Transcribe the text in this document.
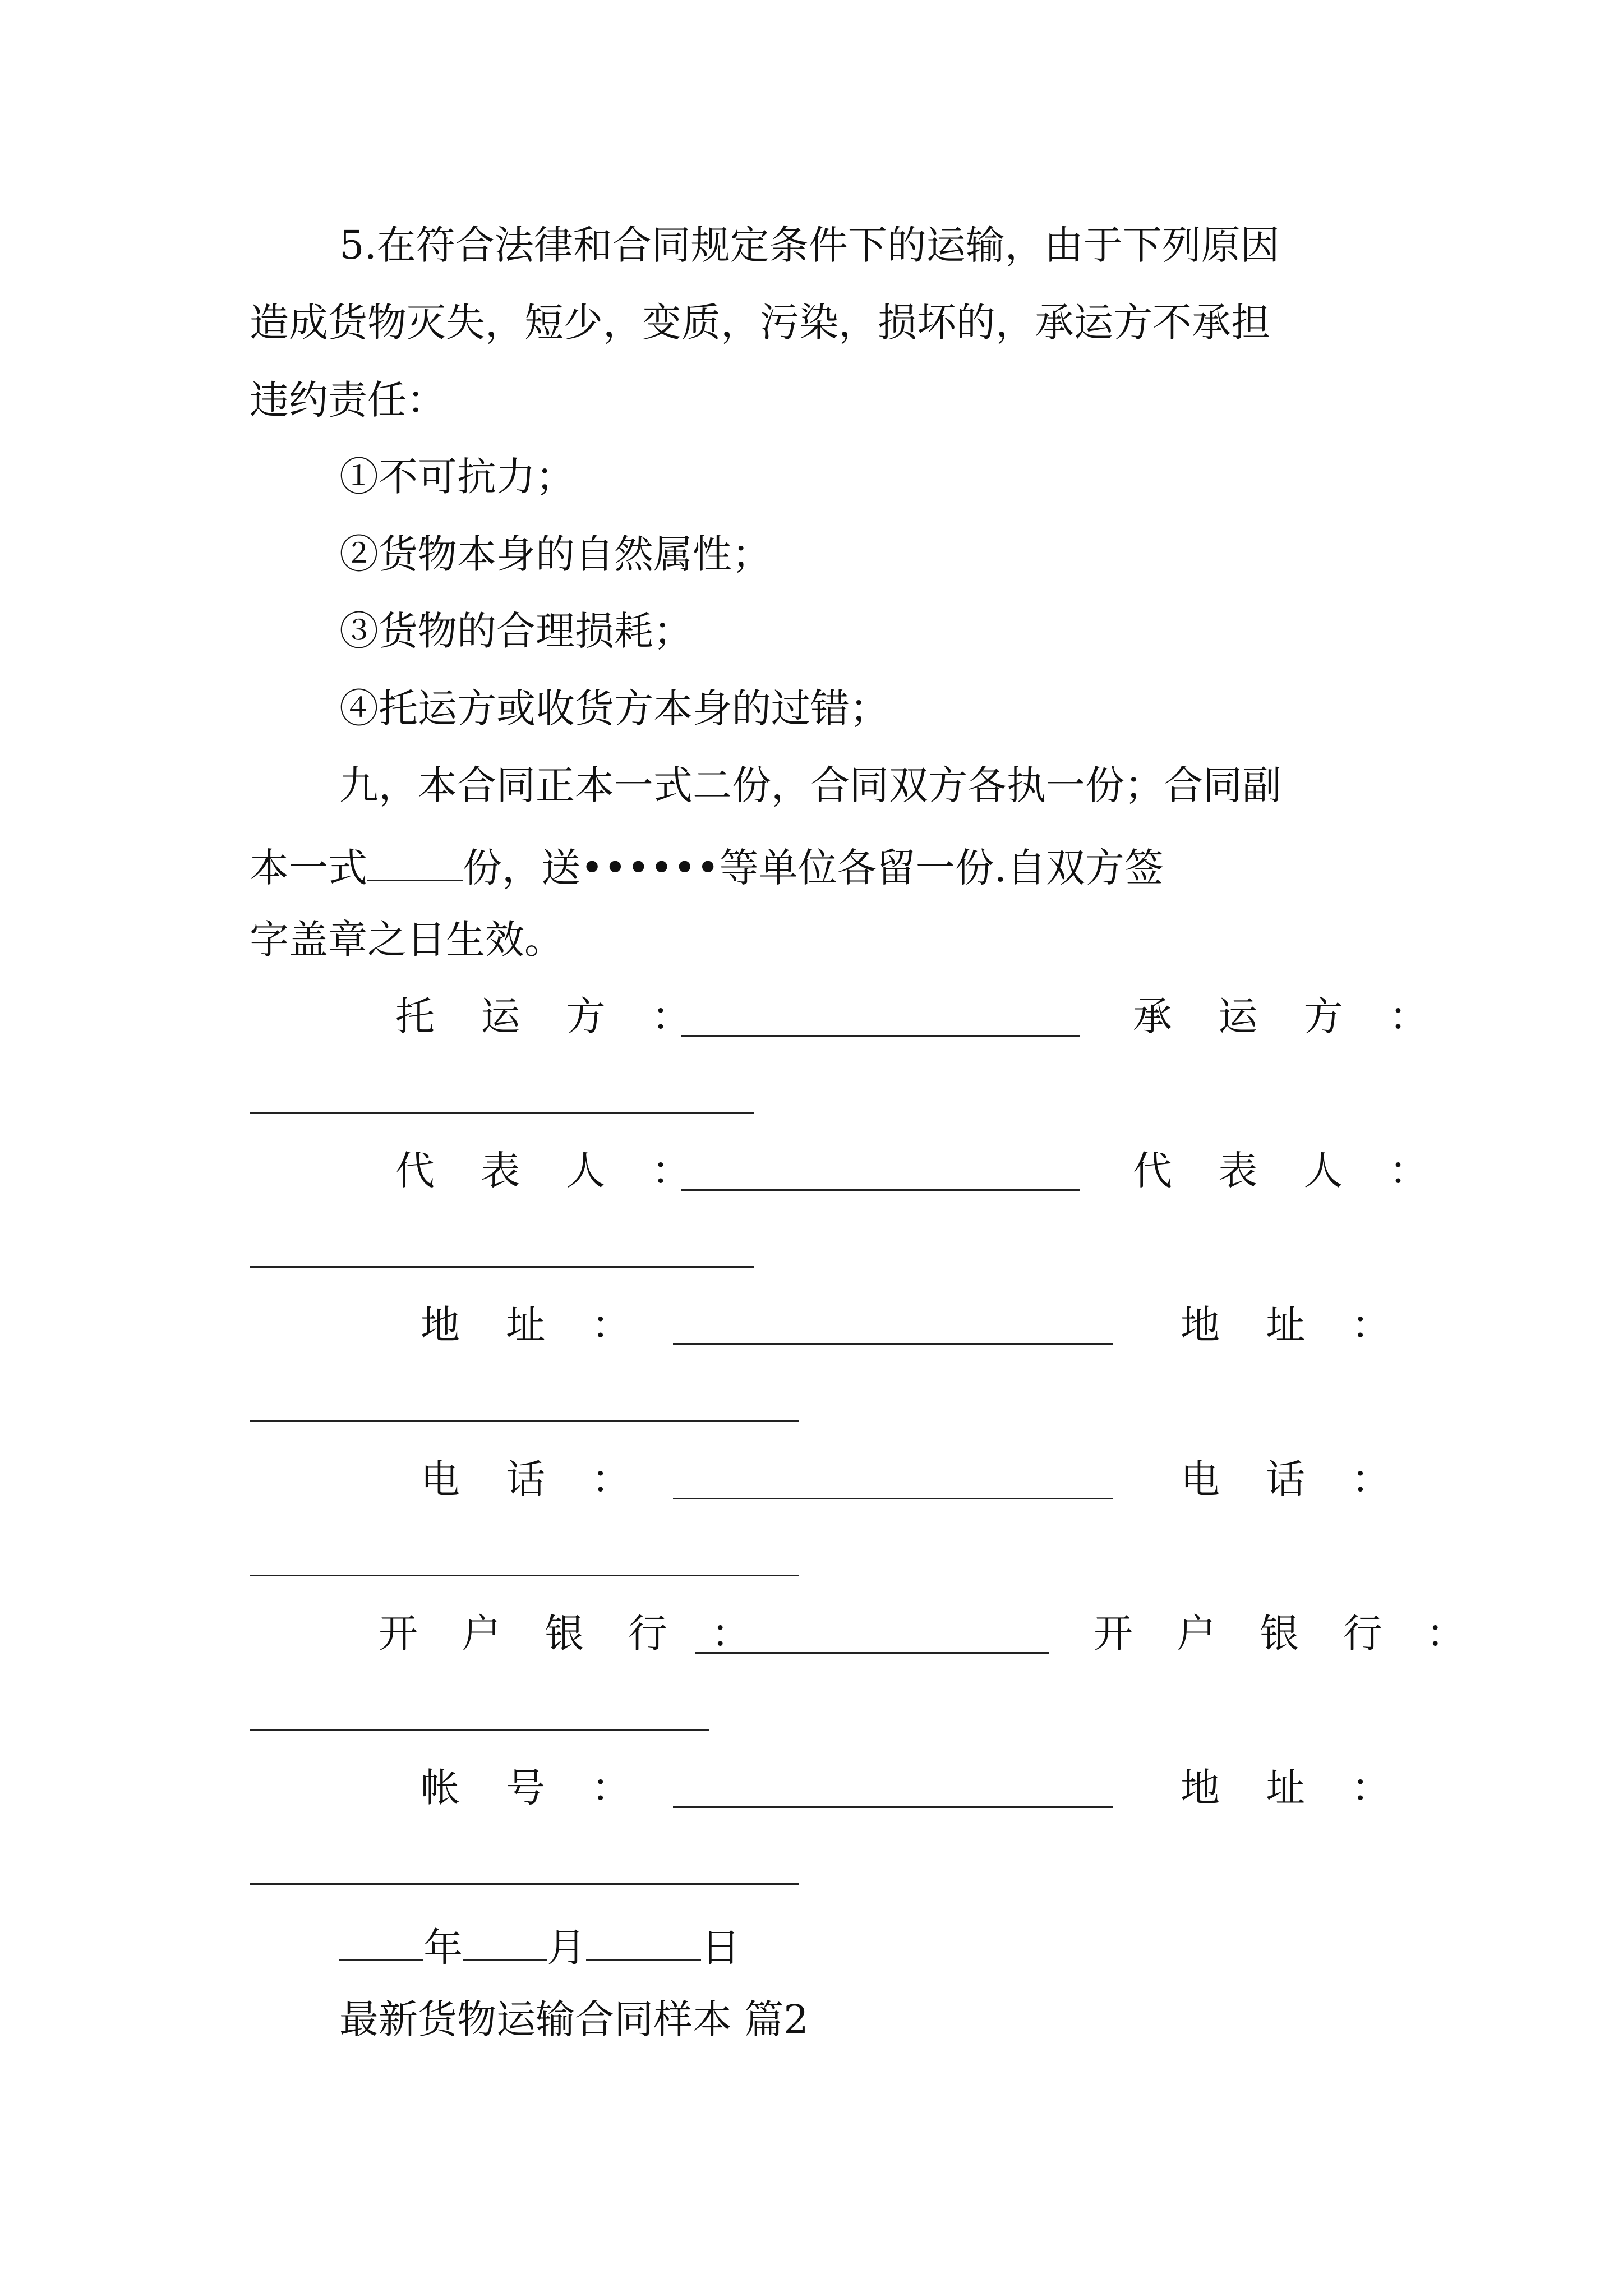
5.在符合法律和合同规定条件下的运输，由于下列原因
造成货物灭失，短少，变质，污染，损坏的，承运方不承担
违约责任：
①不可抗力；
②货物本身的自然属性；
③货物的合理损耗；
④托运方或收货方本身的过错；
九，本合同正本一式二份，合同双方各执一份；合同副
本一式 份，送••••••等单位各留一份.自双方签
字盖章之日生效。
托 运 方 ：	承 运 方 ：
代 表 人 ：	代 表 人 ：
地 址 ：	地 址 ：
电 话 ：	电 话 ：
开 户 银 行 ：	开 户 银 行 ：
帐 号 ：	地 址 ：
年 月	日
最新货物运输合同样本 篇2
